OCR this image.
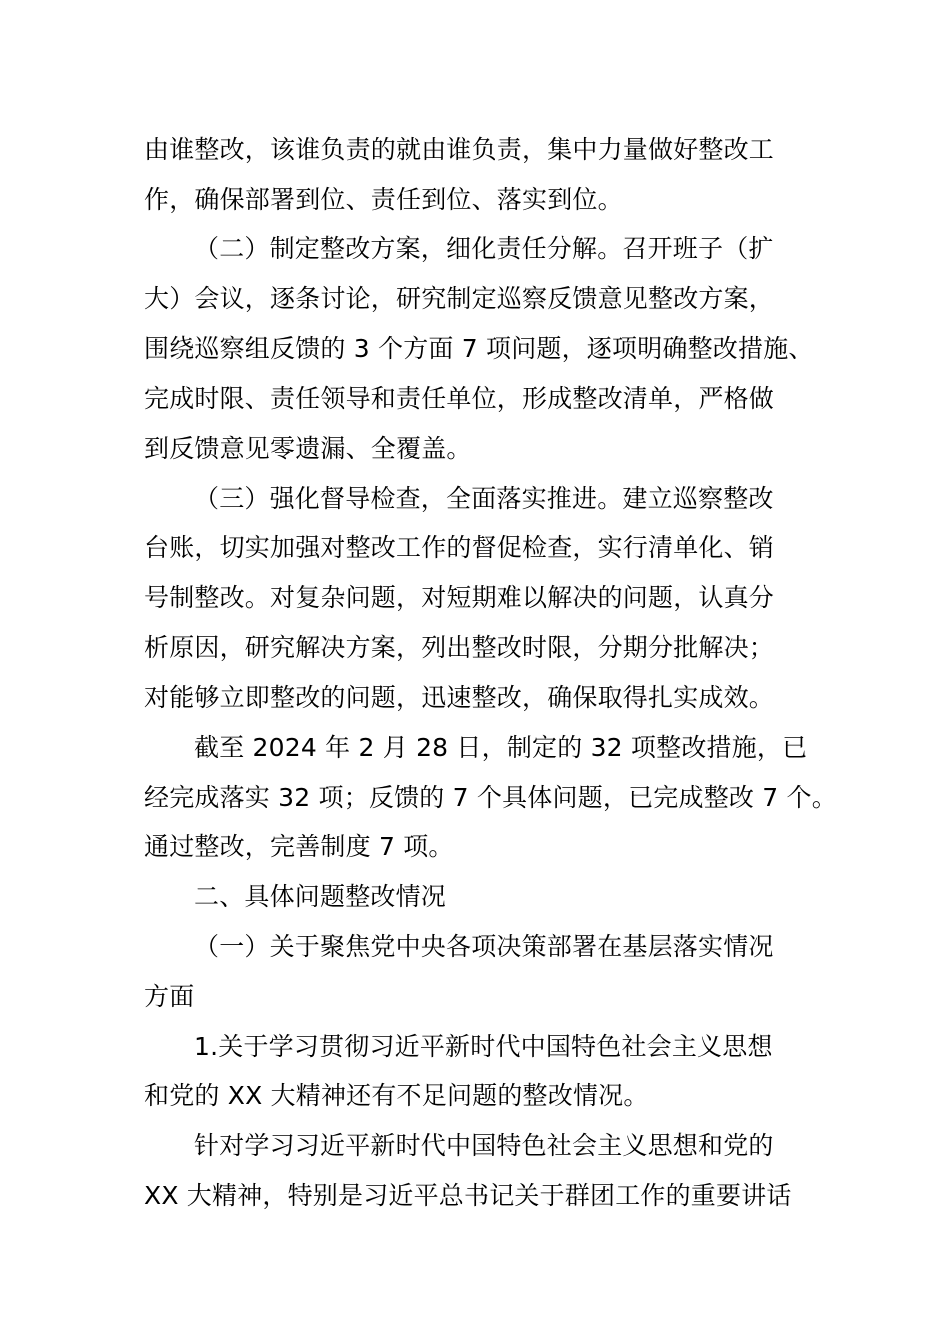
由谁整改，该谁负责的就由谁负责，集中力量做好整改工
作，确保部署到位、责任到位、落实到位。
（二）制定整改方案，细化责任分解。召开班子（扩
大）会议，逐条讨论，研究制定巡察反馈意见整改方案，
围绕巡察组反馈的 3 个方面 7 项问题，逐项明确整改措施、
完成时限、责任领导和责任单位，形成整改清单，严格做
到反馈意见零遗漏、全覆盖。
（三）强化督导检查，全面落实推进。建立巡察整改
台账，切实加强对整改工作的督促检查，实行清单化、销
号制整改。对复杂问题，对短期难以解决的问题，认真分
析原因，研究解决方案，列出整改时限，分期分批解决；
对能够立即整改的问题，迅速整改，确保取得扎实成效。
截至 2024 年 2 月 28 日，制定的 32 项整改措施，已
经完成落实 32 项；反馈的 7 个具体问题，已完成整改 7 个。
通过整改，完善制度 7 项。
二、具体问题整改情况
（一）关于聚焦党中央各项决策部署在基层落实情况
方面
1.关于学习贯彻习近平新时代中国特色社会主义思想
和党的 XX 大精神还有不足问题的整改情况。
针对学习习近平新时代中国特色社会主义思想和党的
XX 大精神，特别是习近平总书记关于群团工作的重要讲话
